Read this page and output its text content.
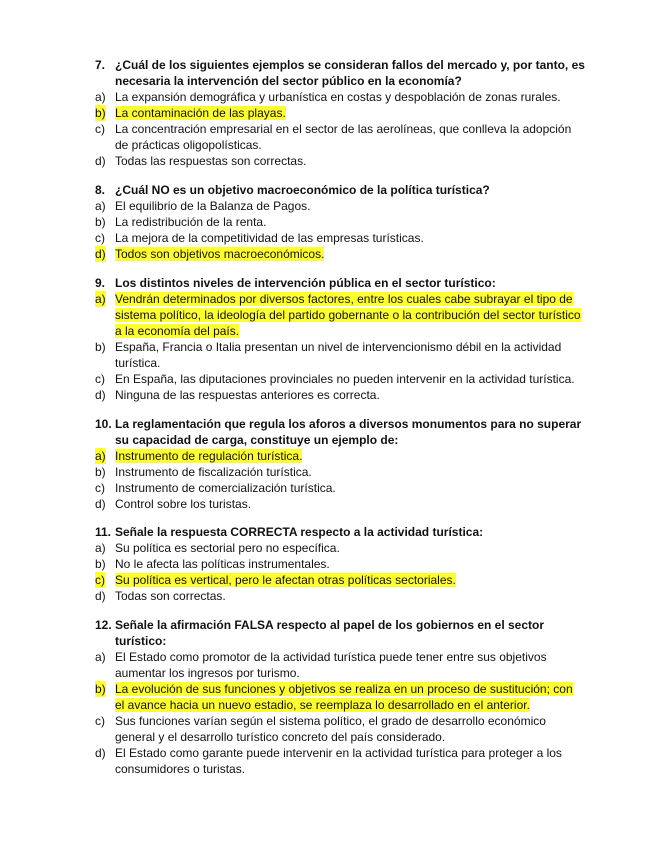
7. ¿Cuál de los siguientes ejemplos se consideran fallos del mercado y, por tanto, es necesaria la intervención del sector público en la economía?
a) La expansión demográfica y urbanística en costas y despoblación de zonas rurales.
b) La contaminación de las playas.
c) La concentración empresarial en el sector de las aerolíneas, que conlleva la adopción de prácticas oligopolísticas.
d) Todas las respuestas son correctas.
8. ¿Cuál NO es un objetivo macroeconómico de la política turística?
a) El equilibrio de la Balanza de Pagos.
b) La redistribución de la renta.
c) La mejora de la competitividad de las empresas turísticas.
d) Todos son objetivos macroeconómicos.
9. Los distintos niveles de intervención pública en el sector turístico:
a) Vendrán determinados por diversos factores, entre los cuales cabe subrayar el tipo de sistema político, la ideología del partido gobernante o la contribución del sector turístico a la economía del país.
b) España, Francia o Italia presentan un nivel de intervencionismo débil en la actividad turística.
c) En España, las diputaciones provinciales no pueden intervenir en la actividad turística.
d) Ninguna de las respuestas anteriores es correcta.
10. La reglamentación que regula los aforos a diversos monumentos para no superar su capacidad de carga, constituye un ejemplo de:
a) Instrumento de regulación turística.
b) Instrumento de fiscalización turística.
c) Instrumento de comercialización turística.
d) Control sobre los turistas.
11. Señale la respuesta CORRECTA respecto a la actividad turística:
a) Su política es sectorial pero no específica.
b) No le afecta las políticas instrumentales.
c) Su política es vertical, pero le afectan otras políticas sectoriales.
d) Todas son correctas.
12. Señale la afirmación FALSA respecto al papel de los gobiernos en el sector turístico:
a) El Estado como promotor de la actividad turística puede tener entre sus objetivos aumentar los ingresos por turismo.
b) La evolución de sus funciones y objetivos se realiza en un proceso de sustitución; con el avance hacia un nuevo estadio, se reemplaza lo desarrollado en el anterior.
c) Sus funciones varían según el sistema político, el grado de desarrollo económico general y el desarrollo turístico concreto del país considerado.
d) El Estado como garante puede intervenir en la actividad turística para proteger a los consumidores o turistas.
